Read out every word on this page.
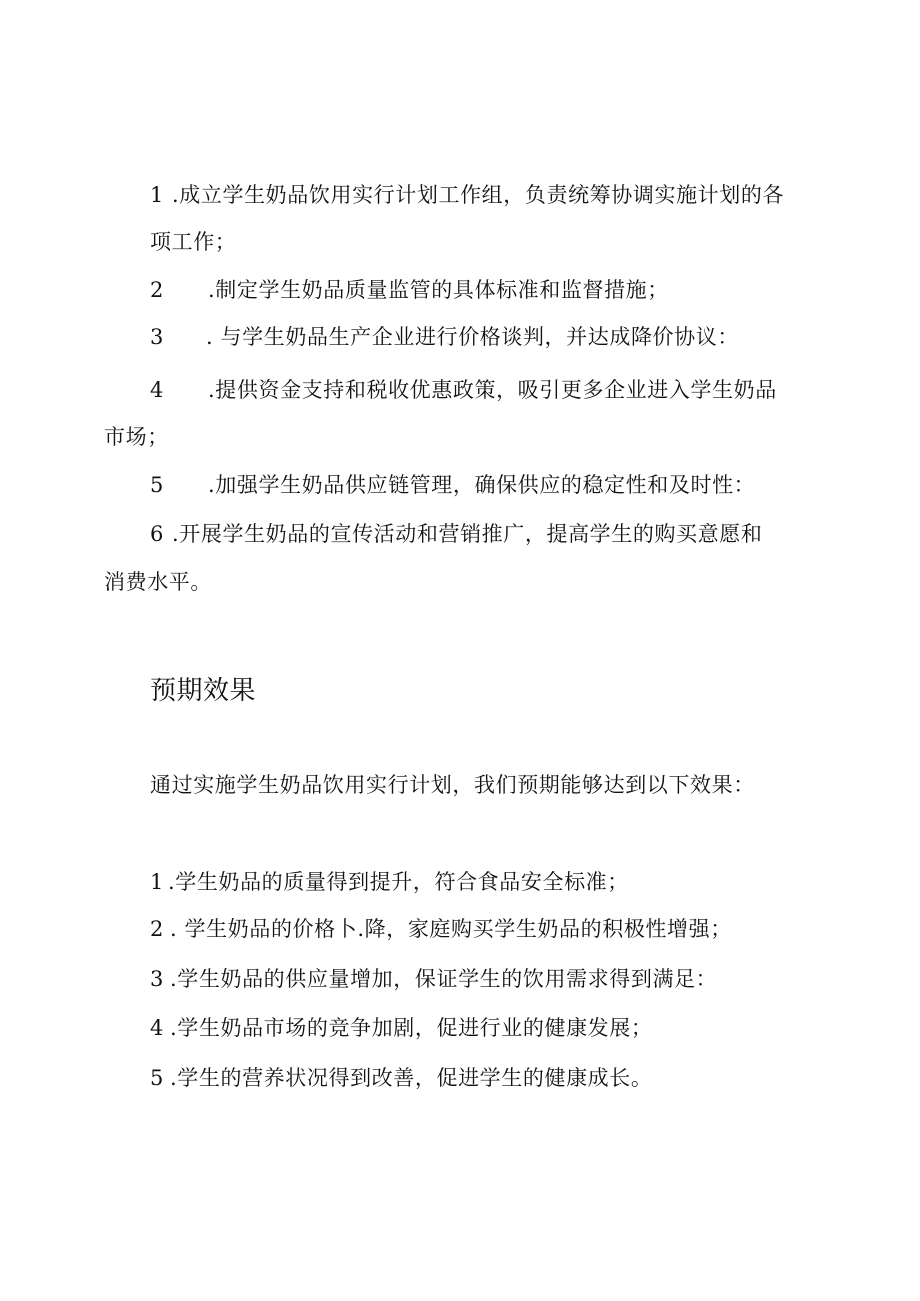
1 .成立学生奶品饮用实行计划工作组，负责统筹协调实施计划的各
项工作；
2 .制定学生奶品质量监管的具体标准和监督措施；
3 . 与学生奶品生产企业进行价格谈判，并达成降价协议：
4 .提供资金支持和税收优惠政策，吸引更多企业进入学生奶品
市场；
5 .加强学生奶品供应链管理，确保供应的稳定性和及时性：
6 .开展学生奶品的宣传活动和营销推广，提高学生的购买意愿和
消费水平。
预期效果
通过实施学生奶品饮用实行计划，我们预期能够达到以下效果：
1 .学生奶品的质量得到提升，符合食品安全标准；
2 . 学生奶品的价格卜.降，家庭购买学生奶品的积极性增强；
3 .学生奶品的供应量增加，保证学生的饮用需求得到满足：
4 .学生奶品市场的竞争加剧，促进行业的健康发展；
5 .学生的营养状况得到改善，促进学生的健康成长。
